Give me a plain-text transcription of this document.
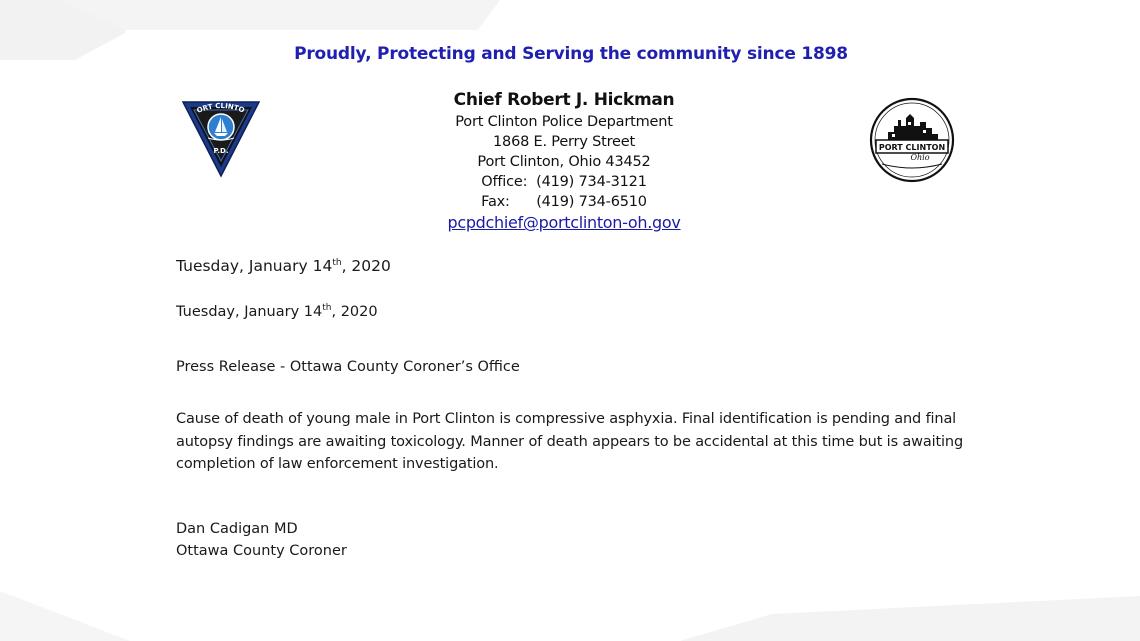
Proudly, Protecting and Serving the community since 1898
ORT CLINTO
P.D.
Chief Robert J. Hickman
Port Clinton Police Department
1868 E. Perry Street
Port Clinton, Ohio 43452
Office: (419) 734-3121
Fax: (419) 734-6510
pcpdchief@portclinton-oh.gov
PORT CLINTON
Ohio
Tuesday, January 14th, 2020
Tuesday, January 14th, 2020
Press Release - Ottawa County Coroner’s Office
Cause of death of young male in Port Clinton is compressive asphyxia. Final identification is pending and final autopsy findings are awaiting toxicology. Manner of death appears to be accidental at this time but is awaiting completion of law enforcement investigation.
Dan Cadigan MD
Ottawa County Coroner
